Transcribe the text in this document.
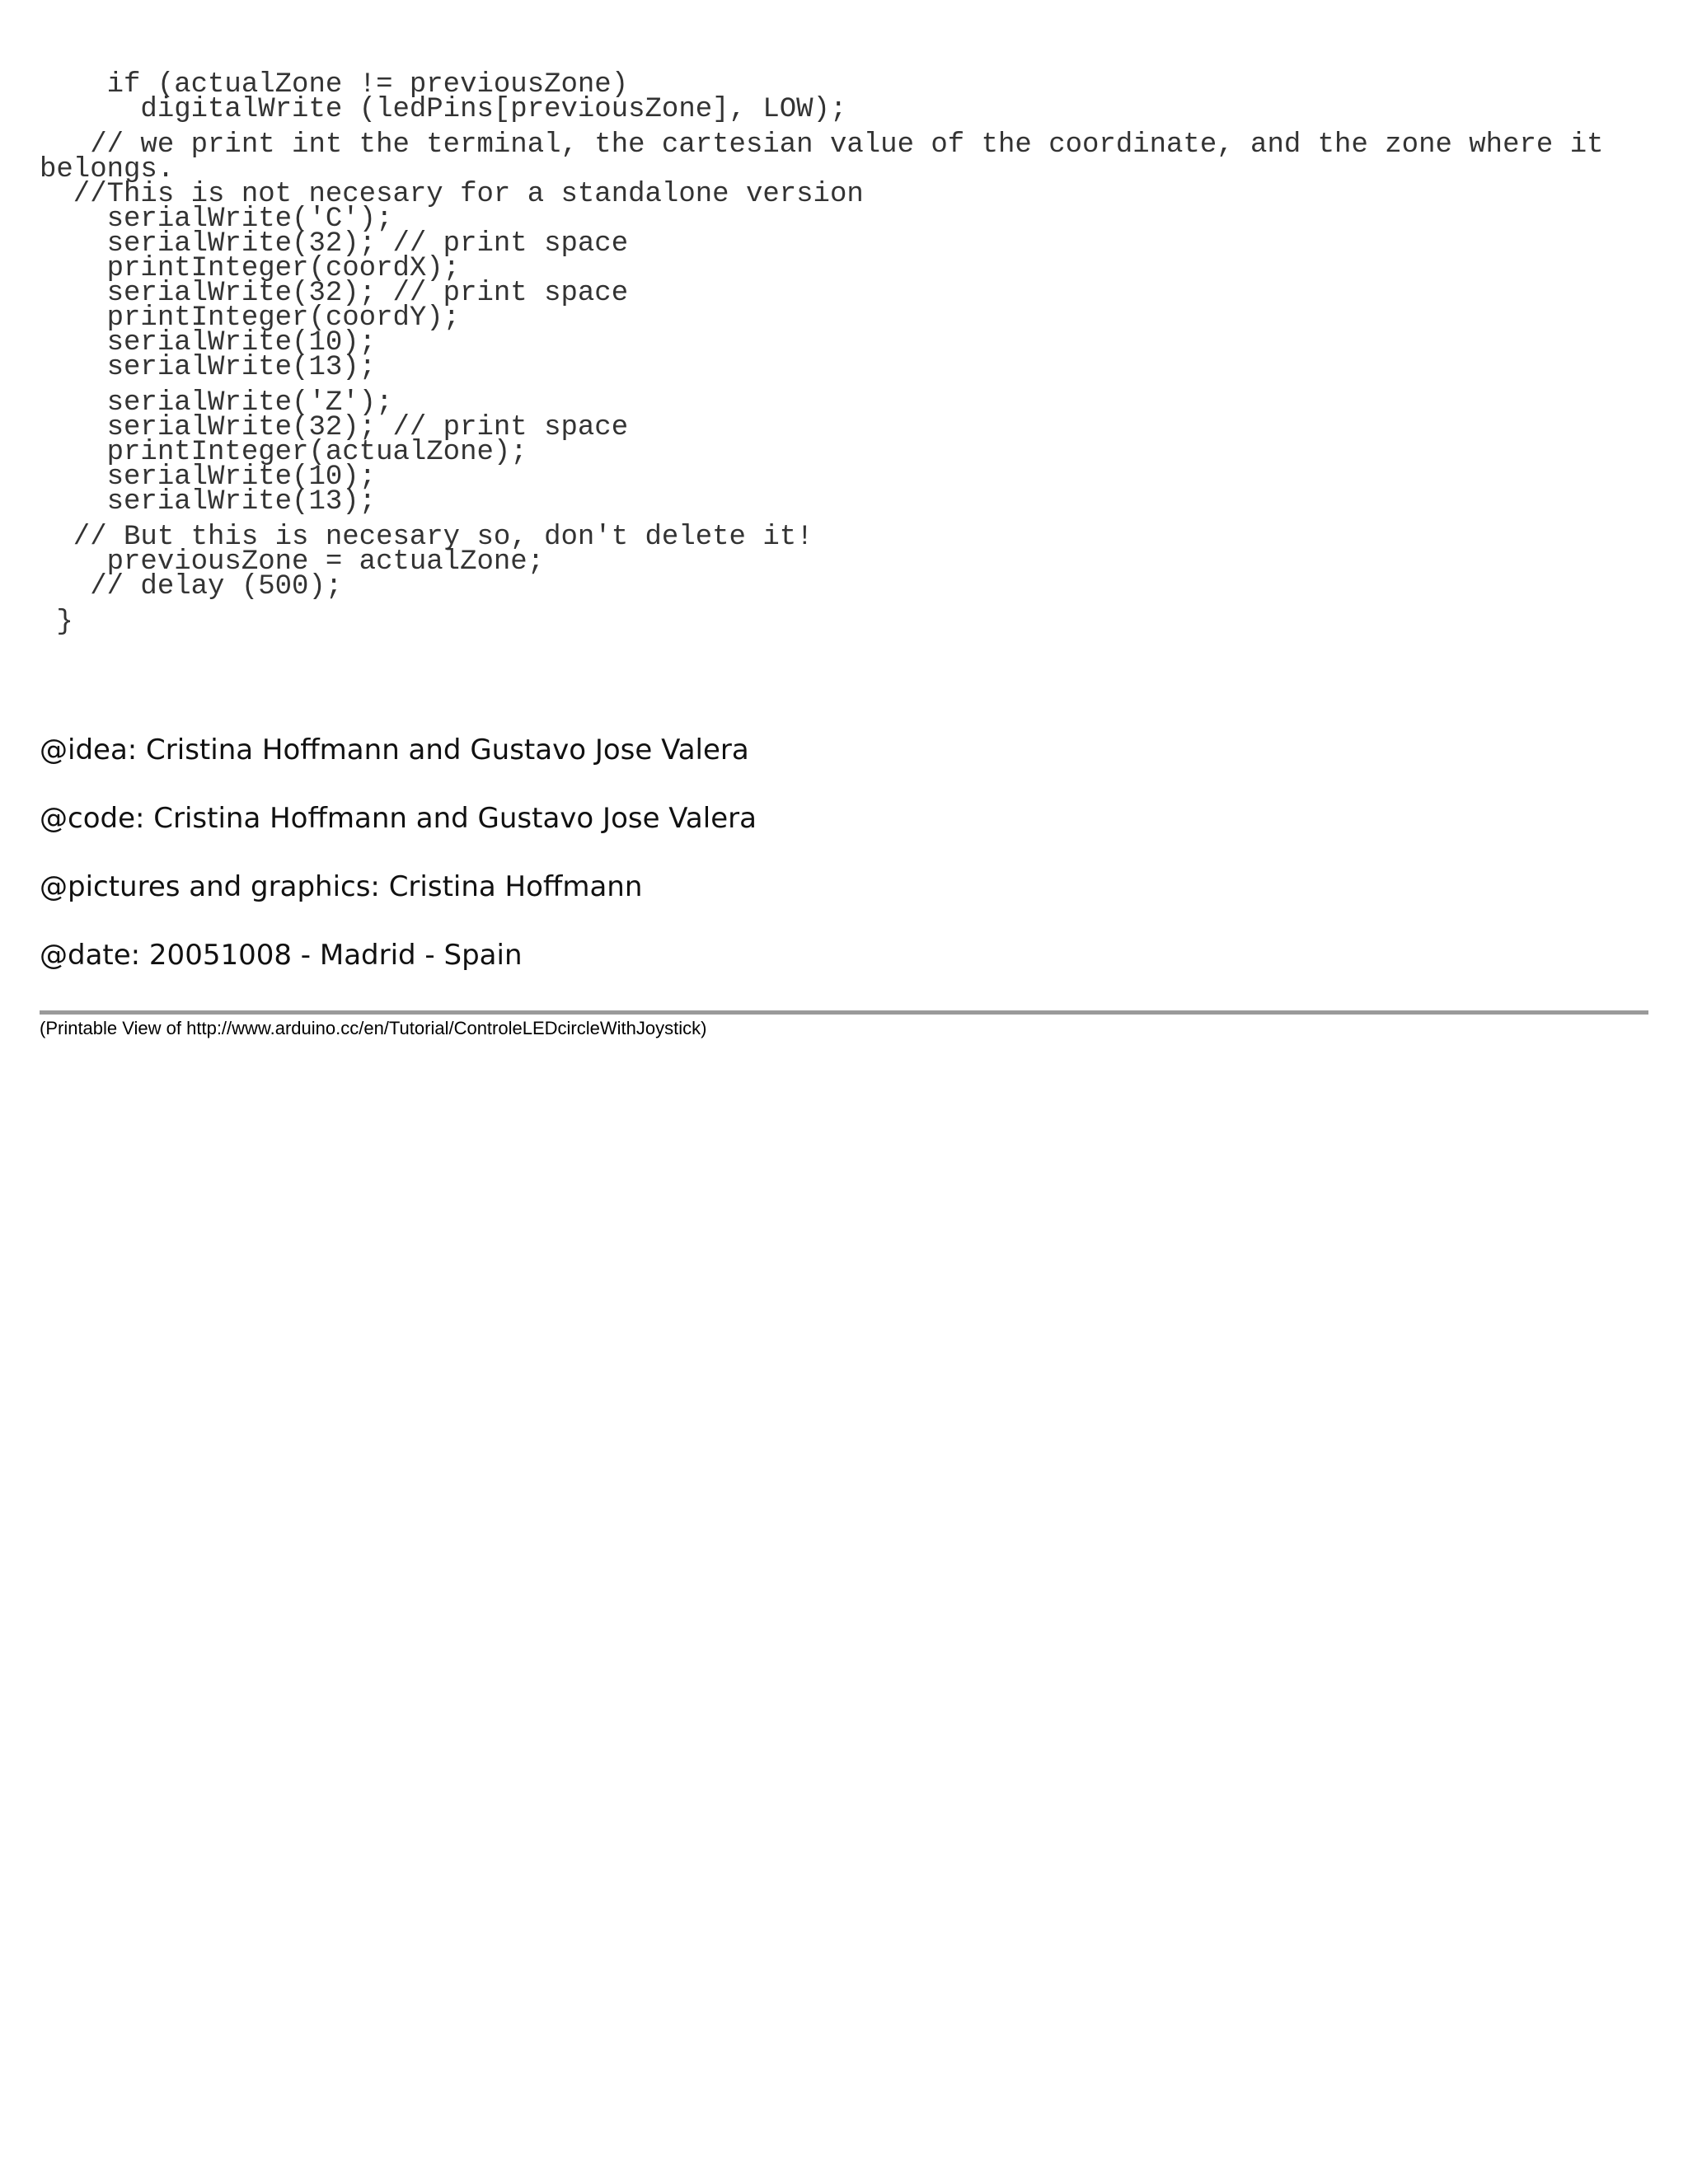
if (actualZone != previousZone)
digitalWrite (ledPins[previousZone], LOW);
// we print int the terminal, the cartesian value of the coordinate, and the zone where it
belongs.
//This is not necesary for a standalone version
serialWrite('C');
serialWrite(32); // print space
printInteger(coordX);
serialWrite(32); // print space
printInteger(coordY);
serialWrite(10);
serialWrite(13);
serialWrite('Z');
serialWrite(32); // print space
printInteger(actualZone);
serialWrite(10);
serialWrite(13);
// But this is necesary so, don't delete it!
previousZone = actualZone;
// delay (500);
}
@idea: Cristina Hoffmann and Gustavo Jose Valera
@code: Cristina Hoffmann and Gustavo Jose Valera
@pictures and graphics: Cristina Hoffmann
@date: 20051008 - Madrid - Spain
(Printable View of http://www.arduino.cc/en/Tutorial/ControleLEDcircleWithJoystick)
